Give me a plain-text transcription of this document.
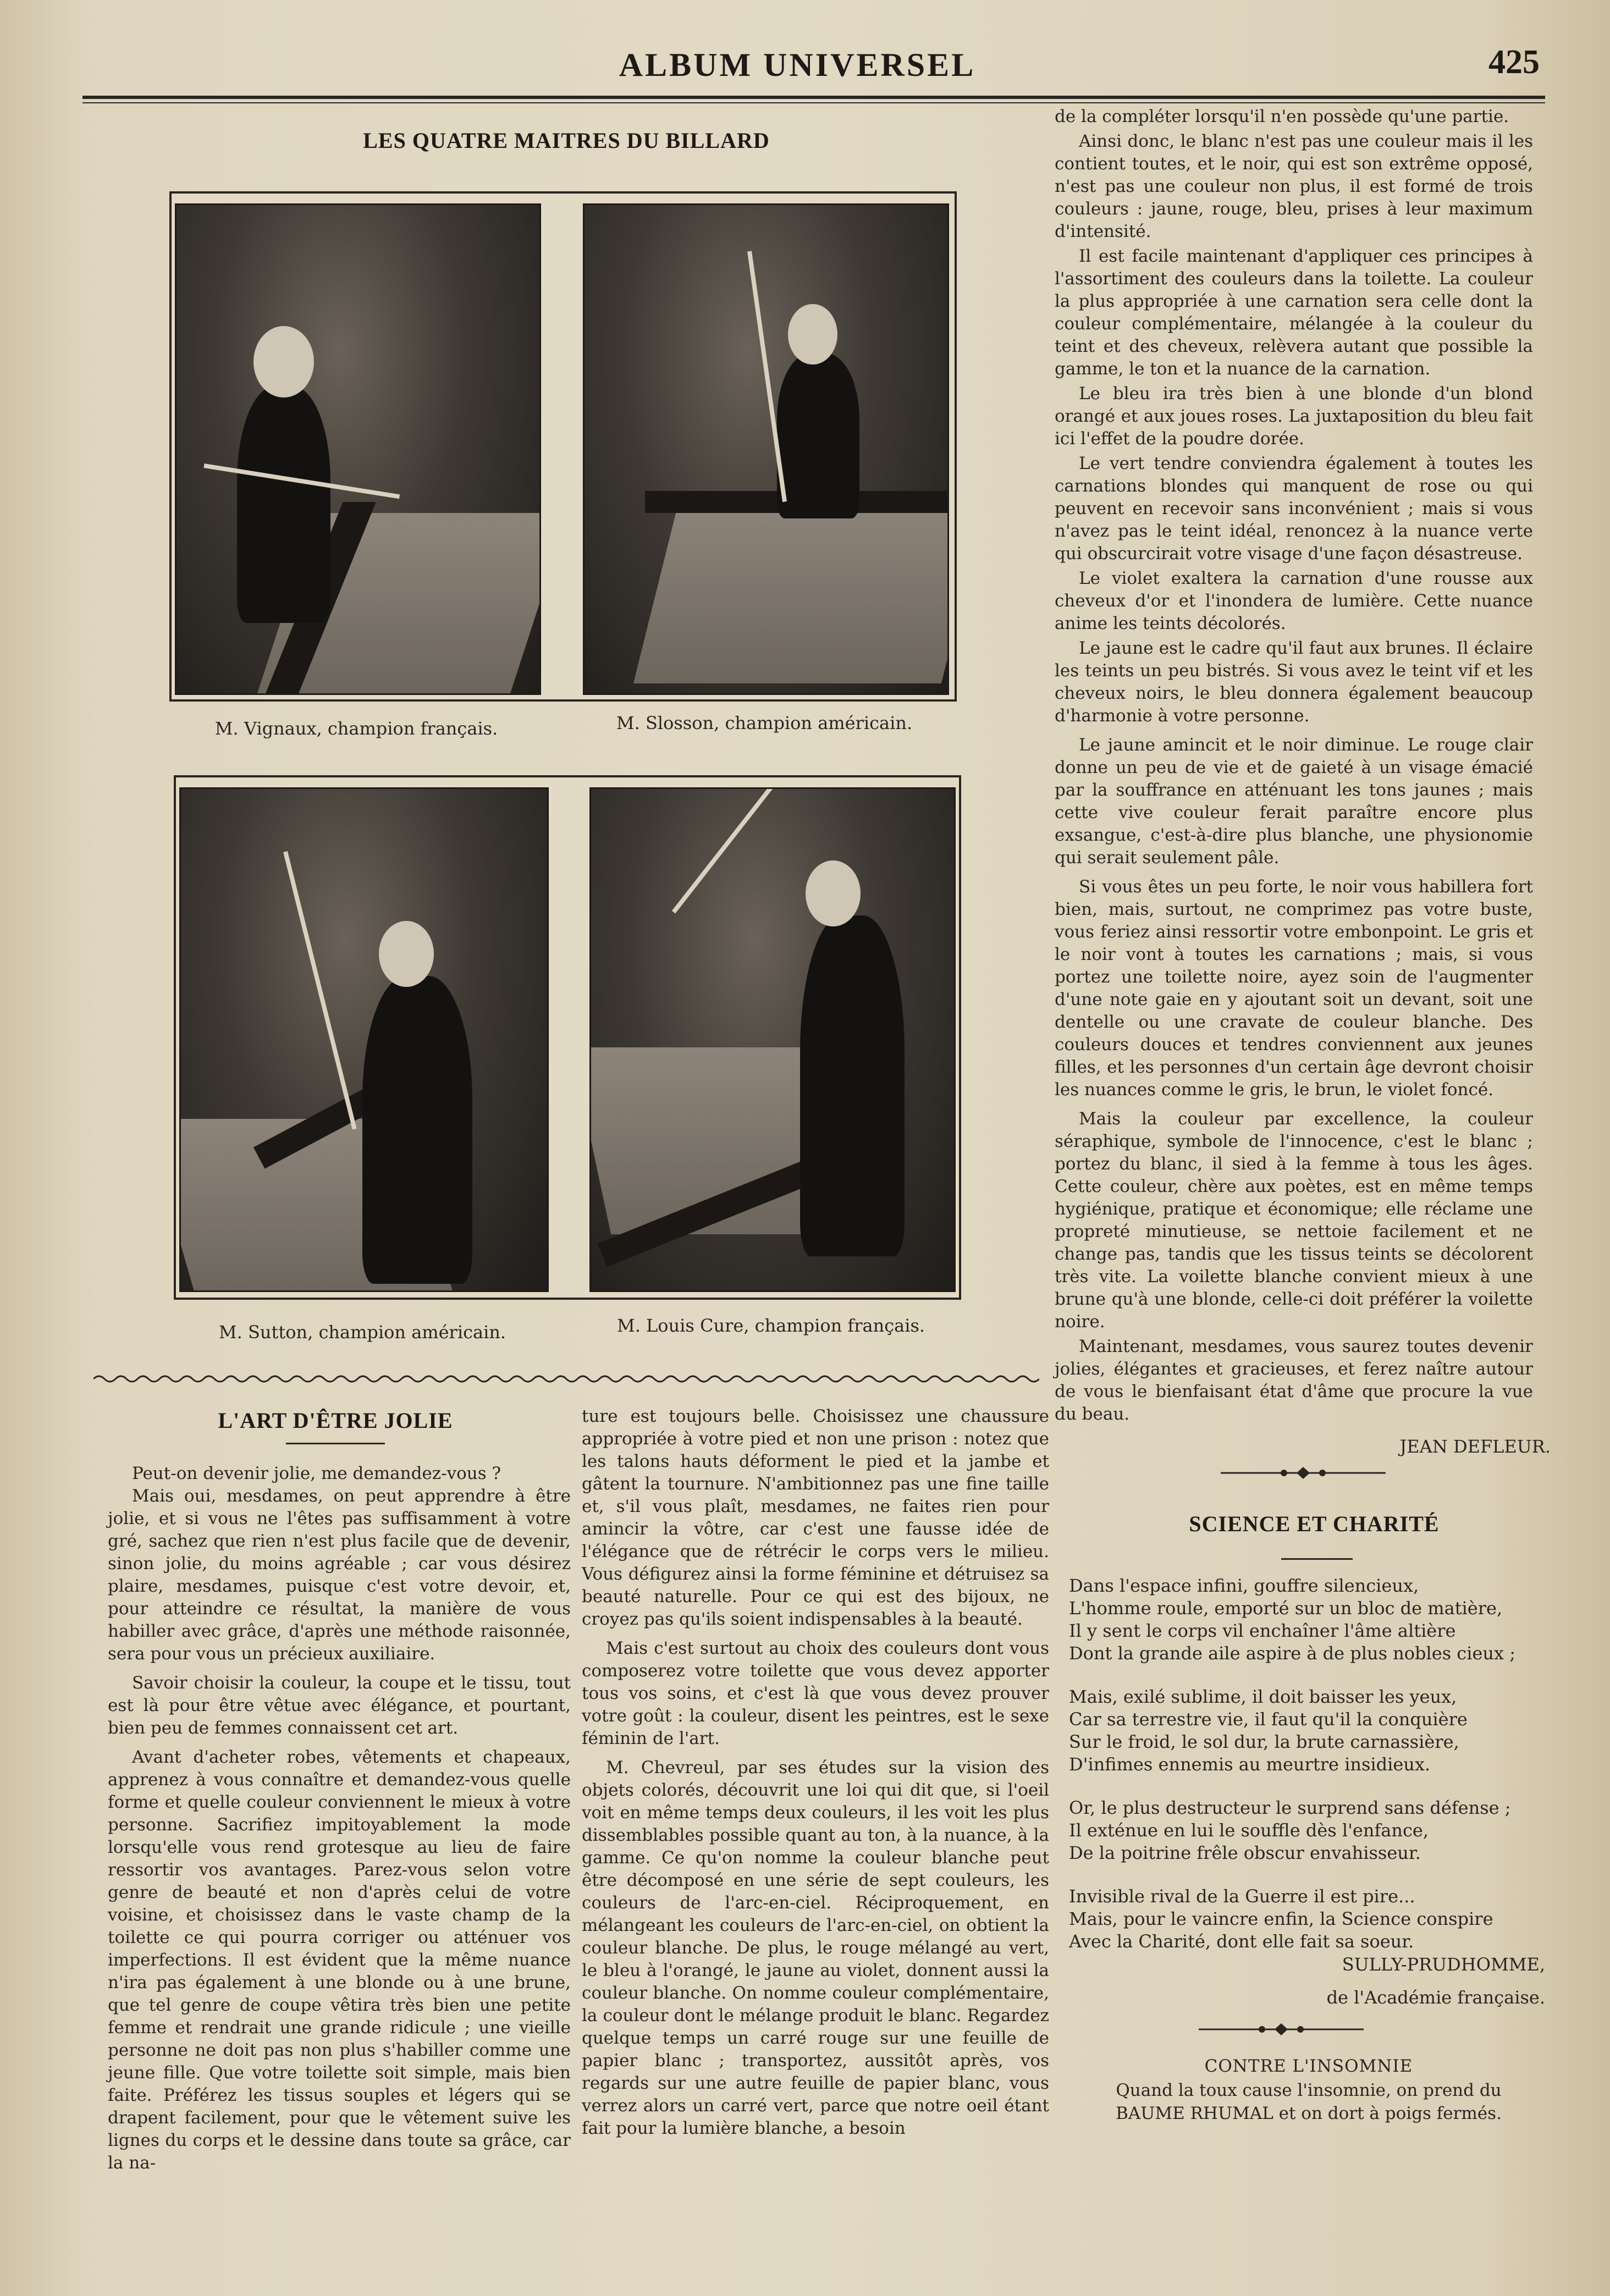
ALBUM UNIVERSEL	425
LES QUATRE MAITRES DU BILLARD
M. Vignaux, champion français.	M. Slosson, champion américain.
M. Sutton, champion américain.	M. Louis Cure, champion français.
L'ART D'ÊTRE JOLIE

Peut-on devenir jolie, me demandez-vous ?

Mais oui, mesdames, on peut apprendre à être jolie, et si vous ne l'êtes pas suffisamment à votre gré, sachez que rien n'est plus facile que de devenir, sinon jolie, du moins agréable ; car vous désirez plaire, mesdames, puisque c'est votre devoir, et, pour atteindre ce résultat, la manière de vous habiller avec grâce, d'après une méthode raisonnée, sera pour vous un précieux auxiliaire.

Savoir choisir la couleur, la coupe et le tissu, tout est là pour être vêtue avec élégance, et pourtant, bien peu de femmes connaissent cet art.

Avant d'acheter robes, vêtements et chapeaux, apprenez à vous connaître et demandez-vous quelle forme et quelle couleur conviennent le mieux à votre personne. Sacrifiez impitoyablement la mode lorsqu'elle vous rend grotesque au lieu de faire ressortir vos avantages. Parez-vous selon votre genre de beauté et non d'après celui de votre voisine, et choisissez dans le vaste champ de la toilette ce qui pourra corriger ou atténuer vos imperfections. Il est évident que la même nuance n'ira pas également à une blonde ou à une brune, que tel genre de coupe vêtira très bien une petite femme et rendrait une grande ridicule ; une vieille personne ne doit pas non plus s'habiller comme une jeune fille. Que votre toilette soit simple, mais bien faite. Préférez les tissus souples et légers qui se drapent facilement, pour que le vêtement suive les lignes du corps et le dessine dans toute sa grâce, car la na-

ture est toujours belle. Choisissez une chaussure appropriée à votre pied et non une prison : notez que les talons hauts déforment le pied et la jambe et gâtent la tournure. N'ambitionnez pas une fine taille et, s'il vous plaît, mesdames, ne faites rien pour amincir la vôtre, car c'est une fausse idée de l'élégance que de rétrécir le corps vers le milieu. Vous défigurez ainsi la forme féminine et détruisez sa beauté naturelle. Pour ce qui est des bijoux, ne croyez pas qu'ils soient indispensables à la beauté.

Mais c'est surtout au choix des couleurs dont vous composerez votre toilette que vous devez apporter tous vos soins, et c'est là que vous devez prouver votre goût : la couleur, disent les peintres, est le sexe féminin de l'art.

M. Chevreul, par ses études sur la vision des objets colorés, découvrit une loi qui dit que, si l'oeil voit en même temps deux couleurs, il les voit les plus dissemblables possible quant au ton, à la nuance, à la gamme. Ce qu'on nomme la couleur blanche peut être décomposé en une série de sept couleurs, les couleurs de l'arc-en-ciel. Réciproquement, en mélangeant les couleurs de l'arc-en-ciel, on obtient la couleur blanche. De plus, le rouge mélangé au vert, le bleu à l'orangé, le jaune au violet, donnent aussi la couleur blanche. On nomme couleur complémentaire, la couleur dont le mélange produit le blanc. Regardez quelque temps un carré rouge sur une feuille de papier blanc ; transportez, aussitôt après, vos regards sur une autre feuille de papier blanc, vous verrez alors un carré vert, parce que notre oeil étant fait pour la lumière blanche, a besoin

de la compléter lorsqu'il n'en possède qu'une partie.

Ainsi donc, le blanc n'est pas une couleur mais il les contient toutes, et le noir, qui est son extrême opposé, n'est pas une couleur non plus, il est formé de trois couleurs : jaune, rouge, bleu, prises à leur maximum d'intensité.

Il est facile maintenant d'appliquer ces principes à l'assortiment des couleurs dans la toilette. La couleur la plus appropriée à une carnation sera celle dont la couleur complémentaire, mélangée à la couleur du teint et des cheveux, relèvera autant que possible la gamme, le ton et la nuance de la carnation.

Le bleu ira très bien à une blonde d'un blond orangé et aux joues roses. La juxtaposition du bleu fait ici l'effet de la poudre dorée.

Le vert tendre conviendra également à toutes les carnations blondes qui manquent de rose ou qui peuvent en recevoir sans inconvénient ; mais si vous n'avez pas le teint idéal, renoncez à la nuance verte qui obscurcirait votre visage d'une façon désastreuse.

Le violet exaltera la carnation d'une rousse aux cheveux d'or et l'inondera de lumière. Cette nuance anime les teints décolorés.

Le jaune est le cadre qu'il faut aux brunes. Il éclaire les teints un peu bistrés. Si vous avez le teint vif et les cheveux noirs, le bleu donnera également beaucoup d'harmonie à votre personne.

Le jaune amincit et le noir diminue. Le rouge clair donne un peu de vie et de gaieté à un visage émacié par la souffrance en atténuant les tons jaunes ; mais cette vive couleur ferait paraître encore plus exsangue, c'est-à-dire plus blanche, une physionomie qui serait seulement pâle.

Si vous êtes un peu forte, le noir vous habillera fort bien, mais, surtout, ne comprimez pas votre buste, vous feriez ainsi ressortir votre embonpoint. Le gris et le noir vont à toutes les carnations ; mais, si vous portez une toilette noire, ayez soin de l'augmenter d'une note gaie en y ajoutant soit un devant, soit une dentelle ou une cravate de couleur blanche. Des couleurs douces et tendres conviennent aux jeunes filles, et les personnes d'un certain âge devront choisir les nuances comme le gris, le brun, le violet foncé.

Mais la couleur par excellence, la couleur séraphique, symbole de l'innocence, c'est le blanc ; portez du blanc, il sied à la femme à tous les âges. Cette couleur, chère aux poètes, est en même temps hygiénique, pratique et économique; elle réclame une propreté minutieuse, se nettoie facilement et ne change pas, tandis que les tissus teints se décolorent très vite. La voilette blanche convient mieux à une brune qu'à une blonde, celle-ci doit préférer la voilette noire.

Maintenant, mesdames, vous saurez toutes devenir jolies, élégantes et gracieuses, et ferez naître autour de vous le bienfaisant état d'âme que procure la vue du beau.

JEAN DEFLEUR.
SCIENCE ET CHARITÉ
Dans l'espace infini, gouffre silencieux,
L'homme roule, emporté sur un bloc de matière,
Il y sent le corps vil enchaîner l'âme altière
Dont la grande aile aspire à de plus nobles cieux ;
Mais, exilé sublime, il doit baisser les yeux,
Car sa terrestre vie, il faut qu'il la conquière
Sur le froid, le sol dur, la brute carnassière,
D'infimes ennemis au meurtre insidieux.
Or, le plus destructeur le surprend sans défense ;
Il exténue en lui le souffle dès l'enfance,
De la poitrine frêle obscur envahisseur.
Invisible rival de la Guerre il est pire...
Mais, pour le vaincre enfin, la Science conspire
Avec la Charité, dont elle fait sa soeur.
SULLY-PRUDHOMME,
de l'Académie française.
CONTRE L'INSOMNIE
Quand la toux cause l'insomnie, on prend du
BAUME RHUMAL et on dort à poigs fermés.
